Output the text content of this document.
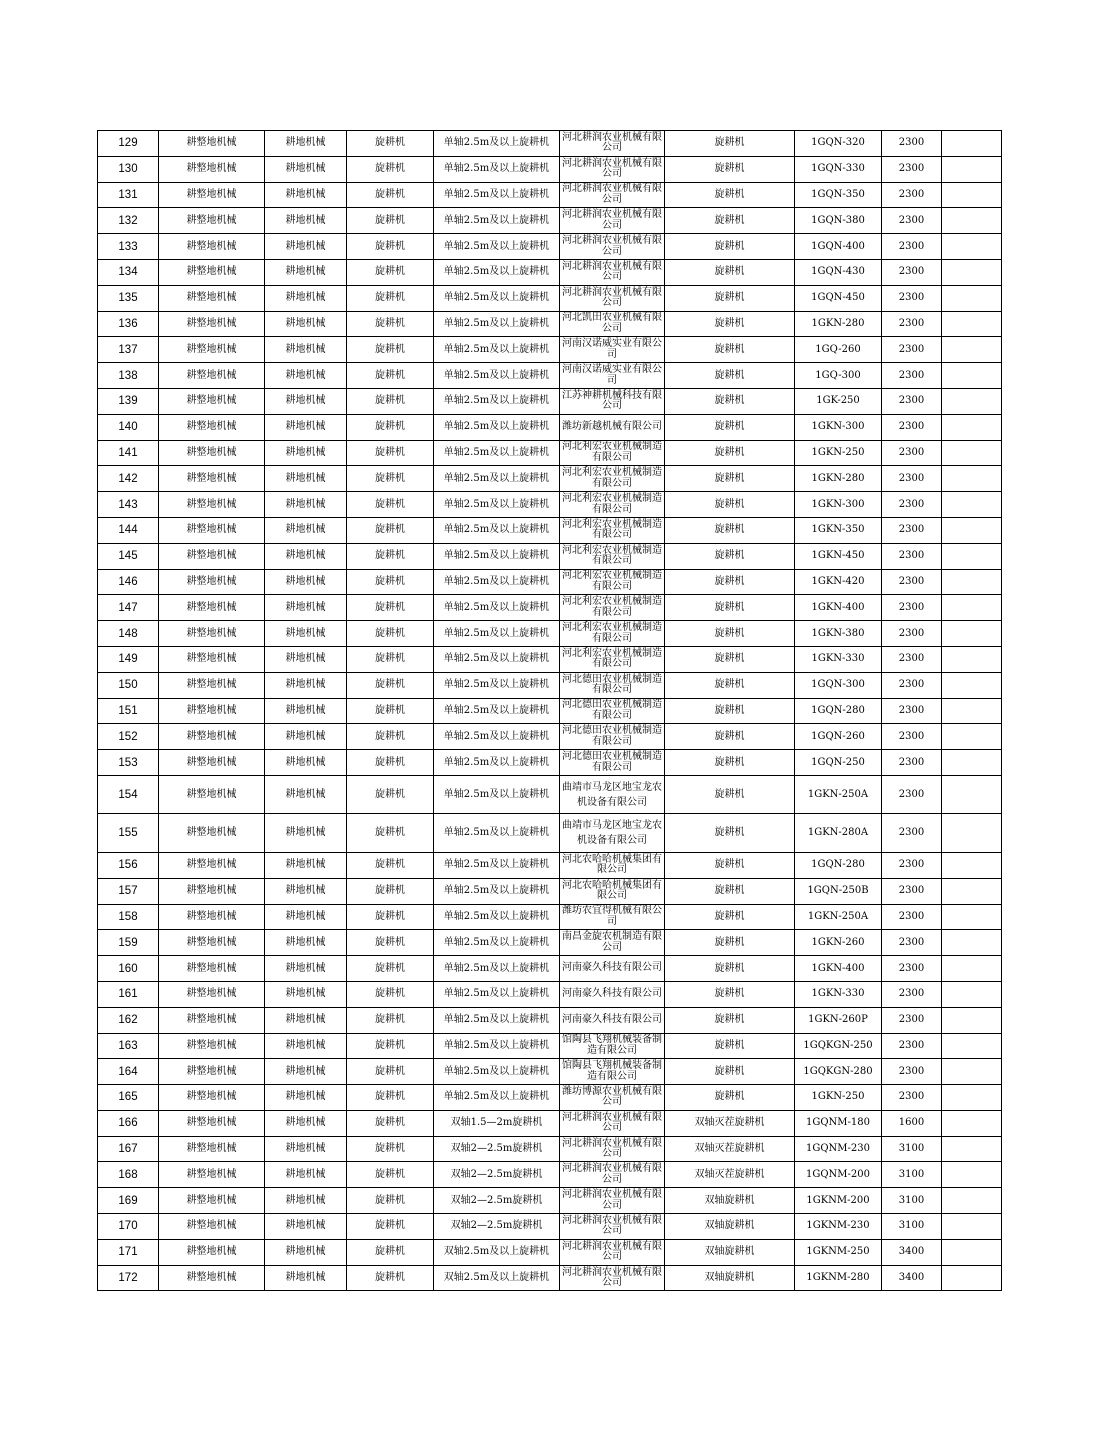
129	耕整地机械	耕地机械	旋耕机	单轴2.5m及以上旋耕机	河北耕润农业机械有限公司	旋耕机	1GQN-320	2300	
130	耕整地机械	耕地机械	旋耕机	单轴2.5m及以上旋耕机	河北耕润农业机械有限公司	旋耕机	1GQN-330	2300	
131	耕整地机械	耕地机械	旋耕机	单轴2.5m及以上旋耕机	河北耕润农业机械有限公司	旋耕机	1GQN-350	2300	
132	耕整地机械	耕地机械	旋耕机	单轴2.5m及以上旋耕机	河北耕润农业机械有限公司	旋耕机	1GQN-380	2300	
133	耕整地机械	耕地机械	旋耕机	单轴2.5m及以上旋耕机	河北耕润农业机械有限公司	旋耕机	1GQN-400	2300	
134	耕整地机械	耕地机械	旋耕机	单轴2.5m及以上旋耕机	河北耕润农业机械有限公司	旋耕机	1GQN-430	2300	
135	耕整地机械	耕地机械	旋耕机	单轴2.5m及以上旋耕机	河北耕润农业机械有限公司	旋耕机	1GQN-450	2300	
136	耕整地机械	耕地机械	旋耕机	单轴2.5m及以上旋耕机	河北凯田农业机械有限公司	旋耕机	1GKN-280	2300	
137	耕整地机械	耕地机械	旋耕机	单轴2.5m及以上旋耕机	河南汉诺威实业有限公司	旋耕机	1GQ-260	2300	
138	耕整地机械	耕地机械	旋耕机	单轴2.5m及以上旋耕机	河南汉诺威实业有限公司	旋耕机	1GQ-300	2300	
139	耕整地机械	耕地机械	旋耕机	单轴2.5m及以上旋耕机	江苏神耕机械科技有限公司	旋耕机	1GK-250	2300	
140	耕整地机械	耕地机械	旋耕机	单轴2.5m及以上旋耕机	潍坊新越机械有限公司	旋耕机	1GKN-300	2300	
141	耕整地机械	耕地机械	旋耕机	单轴2.5m及以上旋耕机	河北利宏农业机械制造有限公司	旋耕机	1GKN-250	2300	
142	耕整地机械	耕地机械	旋耕机	单轴2.5m及以上旋耕机	河北利宏农业机械制造有限公司	旋耕机	1GKN-280	2300	
143	耕整地机械	耕地机械	旋耕机	单轴2.5m及以上旋耕机	河北利宏农业机械制造有限公司	旋耕机	1GKN-300	2300	
144	耕整地机械	耕地机械	旋耕机	单轴2.5m及以上旋耕机	河北利宏农业机械制造有限公司	旋耕机	1GKN-350	2300	
145	耕整地机械	耕地机械	旋耕机	单轴2.5m及以上旋耕机	河北利宏农业机械制造有限公司	旋耕机	1GKN-450	2300	
146	耕整地机械	耕地机械	旋耕机	单轴2.5m及以上旋耕机	河北利宏农业机械制造有限公司	旋耕机	1GKN-420	2300	
147	耕整地机械	耕地机械	旋耕机	单轴2.5m及以上旋耕机	河北利宏农业机械制造有限公司	旋耕机	1GKN-400	2300	
148	耕整地机械	耕地机械	旋耕机	单轴2.5m及以上旋耕机	河北利宏农业机械制造有限公司	旋耕机	1GKN-380	2300	
149	耕整地机械	耕地机械	旋耕机	单轴2.5m及以上旋耕机	河北利宏农业机械制造有限公司	旋耕机	1GKN-330	2300	
150	耕整地机械	耕地机械	旋耕机	单轴2.5m及以上旋耕机	河北德田农业机械制造有限公司	旋耕机	1GQN-300	2300	
151	耕整地机械	耕地机械	旋耕机	单轴2.5m及以上旋耕机	河北德田农业机械制造有限公司	旋耕机	1GQN-280	2300	
152	耕整地机械	耕地机械	旋耕机	单轴2.5m及以上旋耕机	河北德田农业机械制造有限公司	旋耕机	1GQN-260	2300	
153	耕整地机械	耕地机械	旋耕机	单轴2.5m及以上旋耕机	河北德田农业机械制造有限公司	旋耕机	1GQN-250	2300	
154	耕整地机械	耕地机械	旋耕机	单轴2.5m及以上旋耕机	曲靖市马龙区地宝龙农机设备有限公司	旋耕机	1GKN-250A	2300	
155	耕整地机械	耕地机械	旋耕机	单轴2.5m及以上旋耕机	曲靖市马龙区地宝龙农机设备有限公司	旋耕机	1GKN-280A	2300	
156	耕整地机械	耕地机械	旋耕机	单轴2.5m及以上旋耕机	河北农哈哈机械集团有限公司	旋耕机	1GQN-280	2300	
157	耕整地机械	耕地机械	旋耕机	单轴2.5m及以上旋耕机	河北农哈哈机械集团有限公司	旋耕机	1GQN-250B	2300	
158	耕整地机械	耕地机械	旋耕机	单轴2.5m及以上旋耕机	潍坊农宜得机械有限公司	旋耕机	1GKN-250A	2300	
159	耕整地机械	耕地机械	旋耕机	单轴2.5m及以上旋耕机	南昌金旋农机制造有限公司	旋耕机	1GKN-260	2300	
160	耕整地机械	耕地机械	旋耕机	单轴2.5m及以上旋耕机	河南豪久科技有限公司	旋耕机	1GKN-400	2300	
161	耕整地机械	耕地机械	旋耕机	单轴2.5m及以上旋耕机	河南豪久科技有限公司	旋耕机	1GKN-330	2300	
162	耕整地机械	耕地机械	旋耕机	单轴2.5m及以上旋耕机	河南豪久科技有限公司	旋耕机	1GKN-260P	2300	
163	耕整地机械	耕地机械	旋耕机	单轴2.5m及以上旋耕机	馆陶县飞翔机械装备制造有限公司	旋耕机	1GQKGN-250	2300	
164	耕整地机械	耕地机械	旋耕机	单轴2.5m及以上旋耕机	馆陶县飞翔机械装备制造有限公司	旋耕机	1GQKGN-280	2300	
165	耕整地机械	耕地机械	旋耕机	单轴2.5m及以上旋耕机	潍坊博源农业机械有限公司	旋耕机	1GKN-250	2300	
166	耕整地机械	耕地机械	旋耕机	双轴1.5—2m旋耕机	河北耕润农业机械有限公司	双轴灭茬旋耕机	1GQNM-180	1600	
167	耕整地机械	耕地机械	旋耕机	双轴2—2.5m旋耕机	河北耕润农业机械有限公司	双轴灭茬旋耕机	1GQNM-230	3100	
168	耕整地机械	耕地机械	旋耕机	双轴2—2.5m旋耕机	河北耕润农业机械有限公司	双轴灭茬旋耕机	1GQNM-200	3100	
169	耕整地机械	耕地机械	旋耕机	双轴2—2.5m旋耕机	河北耕润农业机械有限公司	双轴旋耕机	1GKNM-200	3100	
170	耕整地机械	耕地机械	旋耕机	双轴2—2.5m旋耕机	河北耕润农业机械有限公司	双轴旋耕机	1GKNM-230	3100	
171	耕整地机械	耕地机械	旋耕机	双轴2.5m及以上旋耕机	河北耕润农业机械有限公司	双轴旋耕机	1GKNM-250	3400	
172	耕整地机械	耕地机械	旋耕机	双轴2.5m及以上旋耕机	河北耕润农业机械有限公司	双轴旋耕机	1GKNM-280	3400	
